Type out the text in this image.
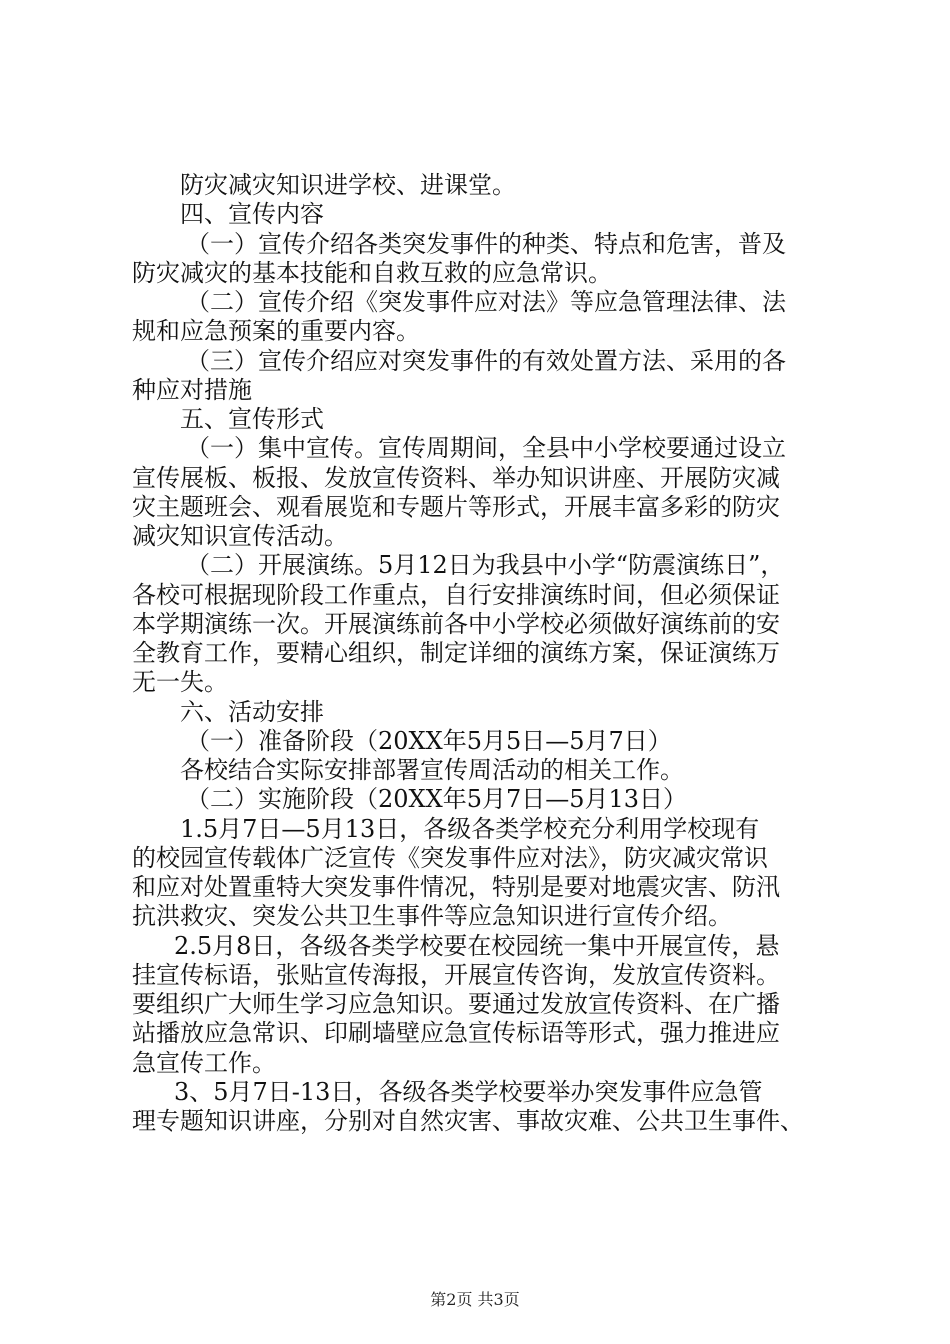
防灾减灾知识进学校、进课堂。
四、宣传内容
（一）宣传介绍各类突发事件的种类、特点和危害，普及
防灾减灾的基本技能和自救互救的应急常识。
（二）宣传介绍《突发事件应对法》等应急管理法律、法
规和应急预案的重要内容。
（三）宣传介绍应对突发事件的有效处置方法、采用的各
种应对措施
五、宣传形式
（一）集中宣传。宣传周期间，全县中小学校要通过设立
宣传展板、板报、发放宣传资料、举办知识讲座、开展防灾减
灾主题班会、观看展览和专题片等形式，开展丰富多彩的防灾
减灾知识宣传活动。
（二）开展演练。5月12日为我县中小学“防震演练日”，
各校可根据现阶段工作重点，自行安排演练时间，但必须保证
本学期演练一次。开展演练前各中小学校必须做好演练前的安
全教育工作，要精心组织，制定详细的演练方案，保证演练万
无一失。
六、活动安排
（一）准备阶段（20XX年5月5日—5月7日）
各校结合实际安排部署宣传周活动的相关工作。
（二）实施阶段（20XX年5月7日—5月13日）
1.5月7日—5月13日，各级各类学校充分利用学校现有
的校园宣传载体广泛宣传《突发事件应对法》，防灾减灾常识
和应对处置重特大突发事件情况，特别是要对地震灾害、防汛
抗洪救灾、突发公共卫生事件等应急知识进行宣传介绍。
2.5月8日，各级各类学校要在校园统一集中开展宣传，悬
挂宣传标语，张贴宣传海报，开展宣传咨询，发放宣传资料。
要组织广大师生学习应急知识。要通过发放宣传资料、在广播
站播放应急常识、印刷墙壁应急宣传标语等形式，强力推进应
急宣传工作。
3、5月7日-13日，各级各类学校要举办突发事件应急管
理专题知识讲座，分别对自然灾害、事故灾难、公共卫生事件、
第2页 共3页
